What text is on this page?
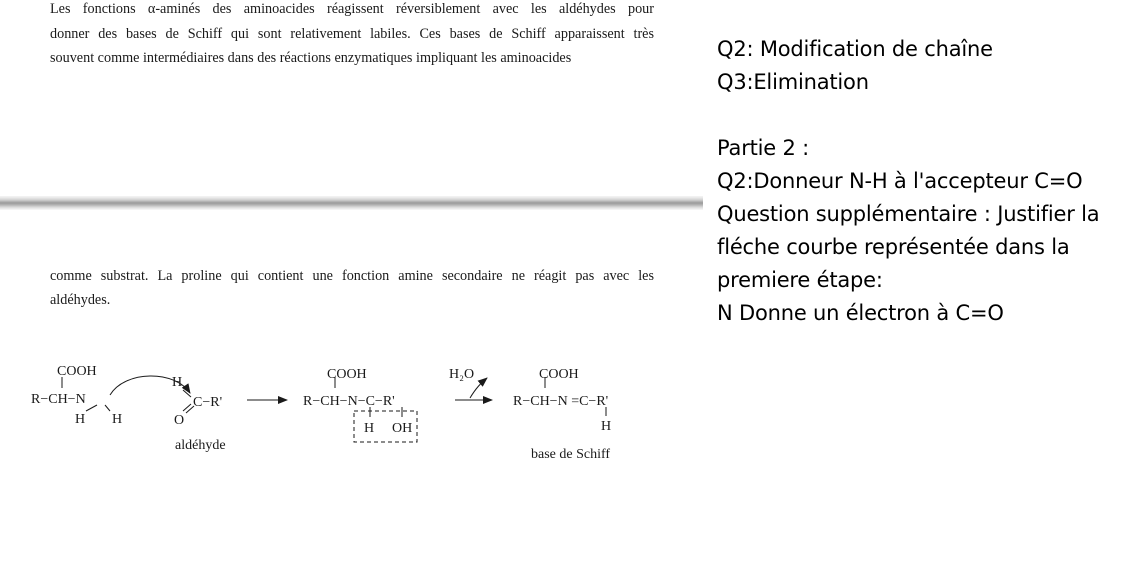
Les fonctions α-aminés des aminoacides réagissent réversiblement avec les aldéhydes pour
donner des bases de Schiff qui sont relativement labiles. Ces bases de Schiff apparaissent très
souvent comme intermédiaires dans des réactions enzymatiques impliquant les aminoacides
comme substrat. La proline qui contient une fonction amine secondaire ne réagit pas avec les
aldéhydes.
COOH
R−CH−N
H H
H
C−R'
O
aldéhyde
COOH
R−CH−N−C−R'
H OH
H₂O	COOH
R−CH−N =C−R'
H
base de Schiff
Q2: Modification de chaîne
Q3:Elimination
Partie 2 :
Q2:Donneur N-H à l'accepteur C=O
Question supplémentaire : Justifier la
fléche courbe représentée dans la
premiere étape:
N Donne un électron à C=O
